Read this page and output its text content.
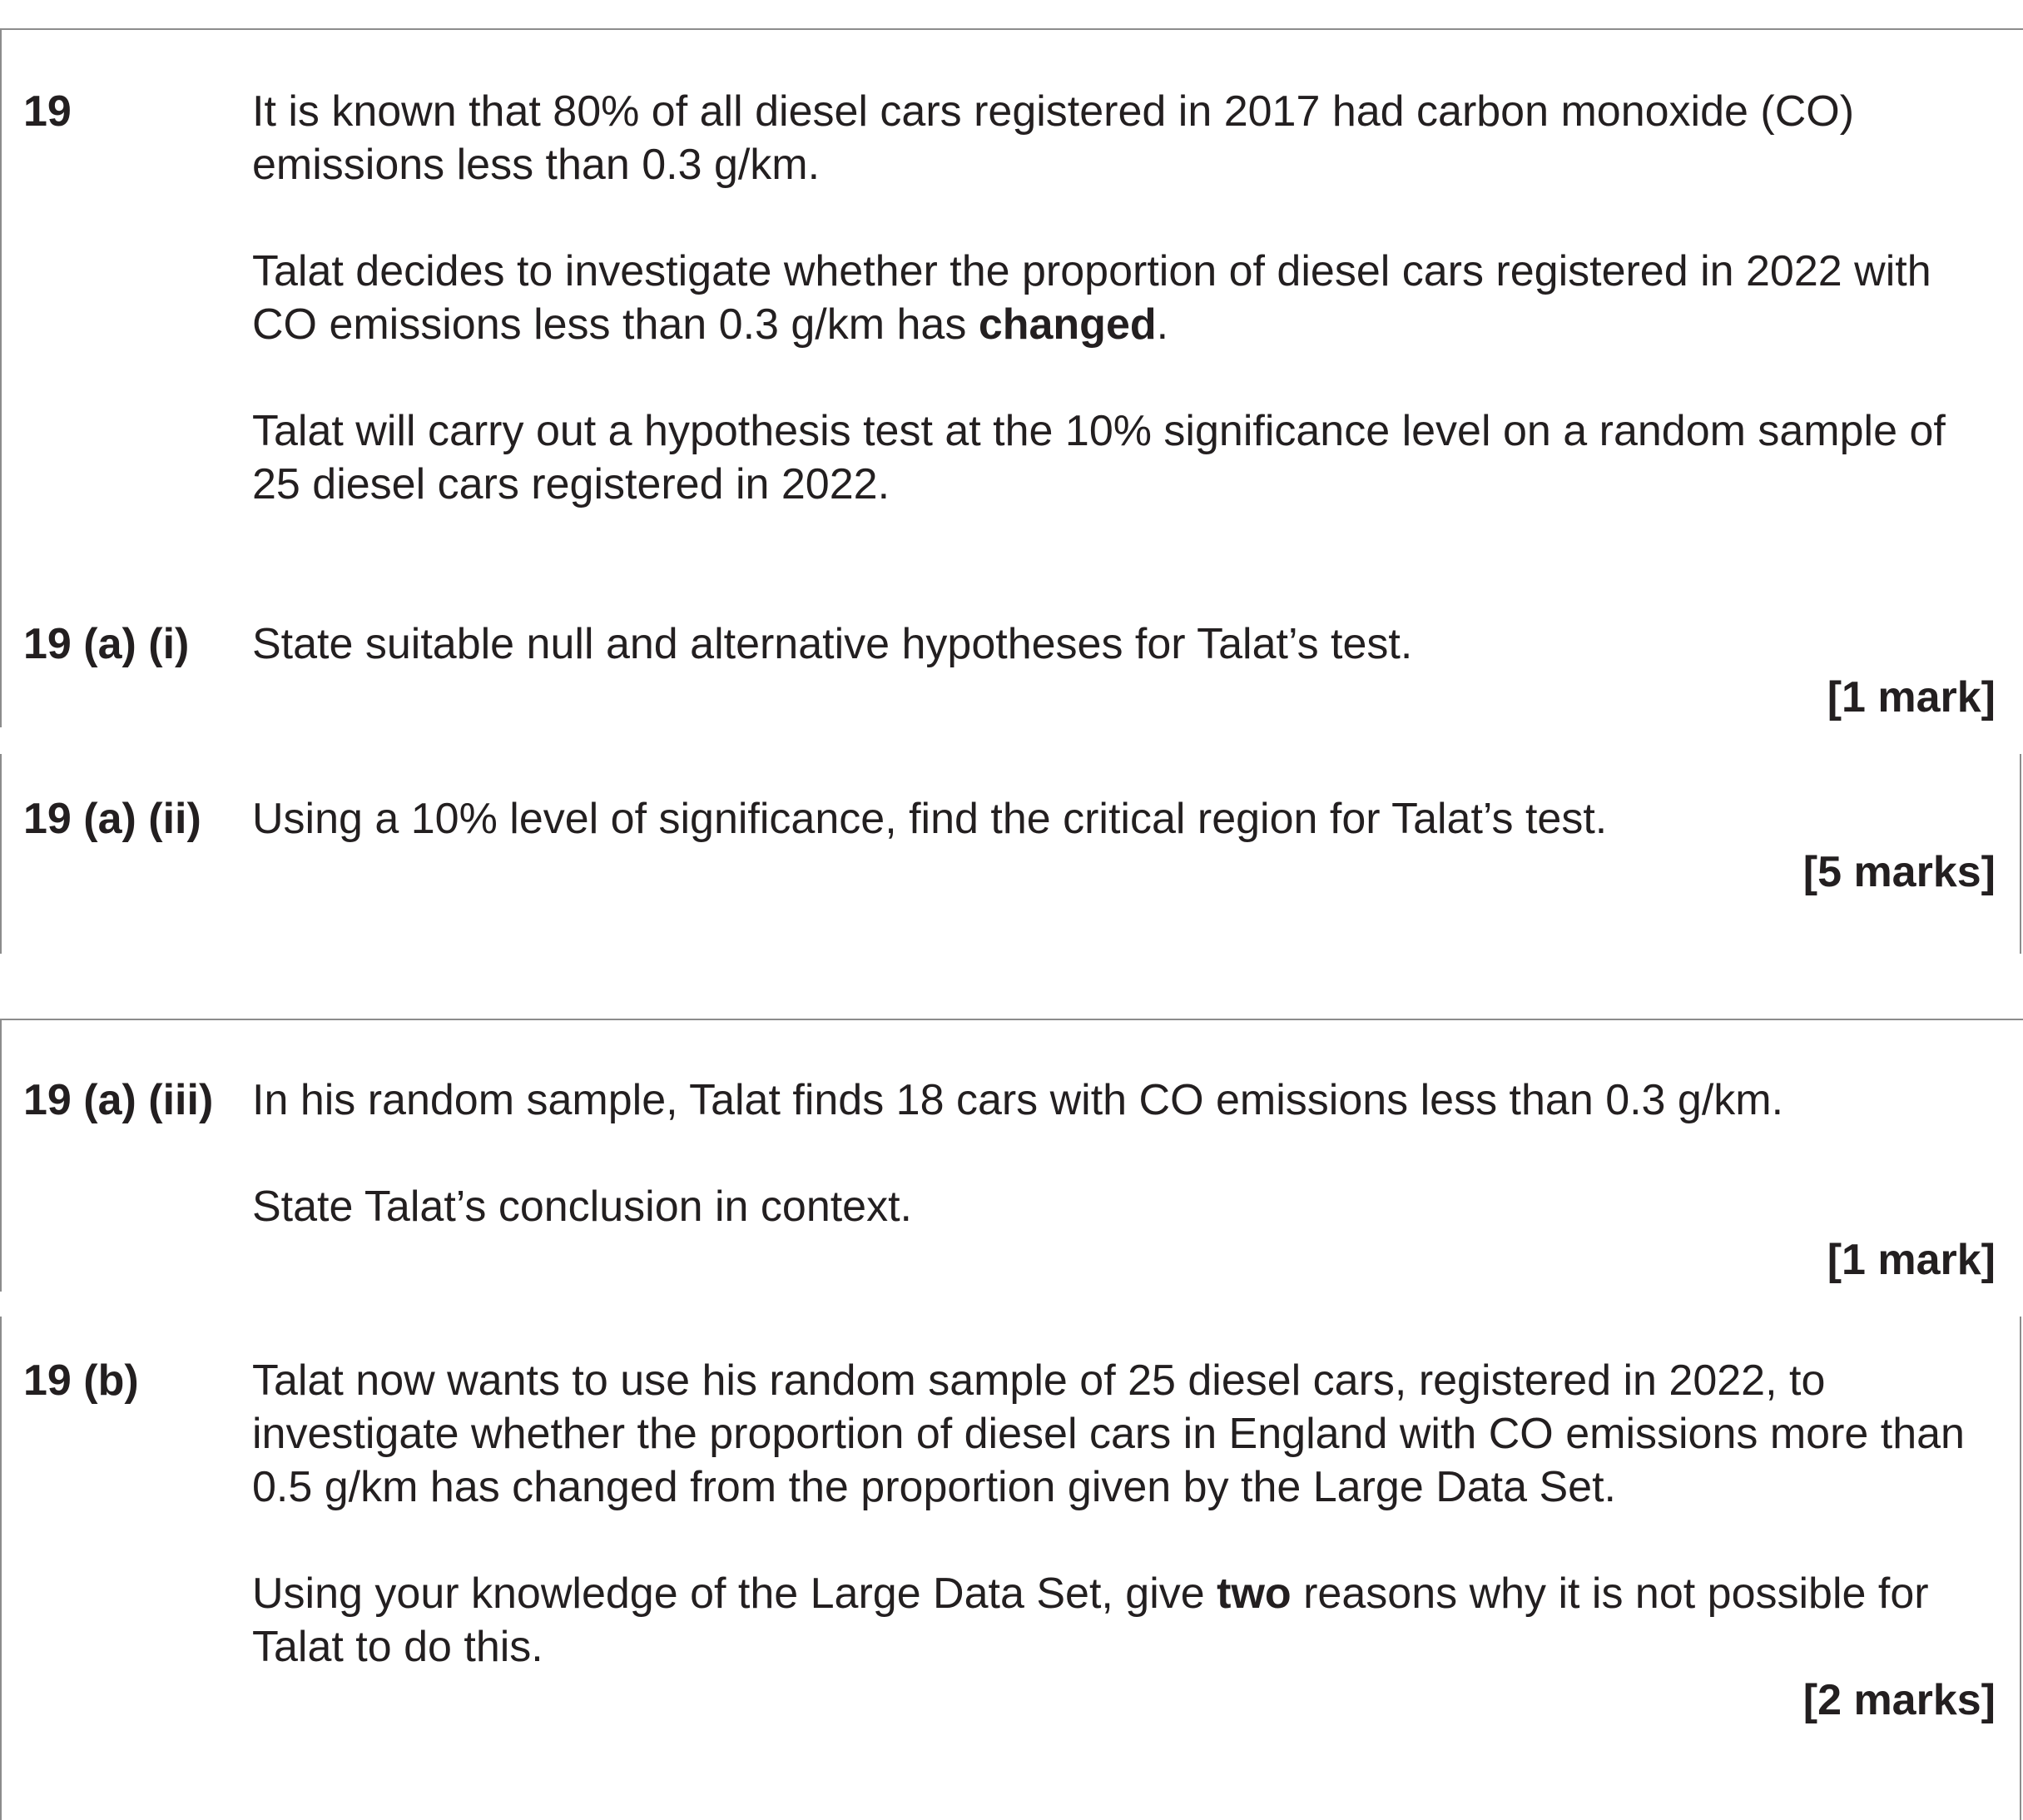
19	It is known that 80% of all diesel cars registered in 2017 had carbon monoxide (CO) emissions less than 0.3 g/km.

Talat decides to investigate whether the proportion of diesel cars registered in 2022 with CO emissions less than 0.3 g/km has changed.

Talat will carry out a hypothesis test at the 10% significance level on a random sample of 25 diesel cars registered in 2022.

19 (a) (i) State suitable null and alternative hypotheses for Talat’s test.

[1 mark]
19 (a) (ii) Using a 10% level of significance, find the critical region for Talat’s test.

[5 marks]
19 (a) (iii) In his random sample, Talat finds 18 cars with CO emissions less than 0.3 g/km.

State Talat’s conclusion in context.

[1 mark]
19 (b)	Talat now wants to use his random sample of 25 diesel cars, registered in 2022, to investigate whether the proportion of diesel cars in England with CO emissions more than 0.5 g/km has changed from the proportion given by the Large Data Set.

Using your knowledge of the Large Data Set, give two reasons why it is not possible for Talat to do this.

[2 marks]
